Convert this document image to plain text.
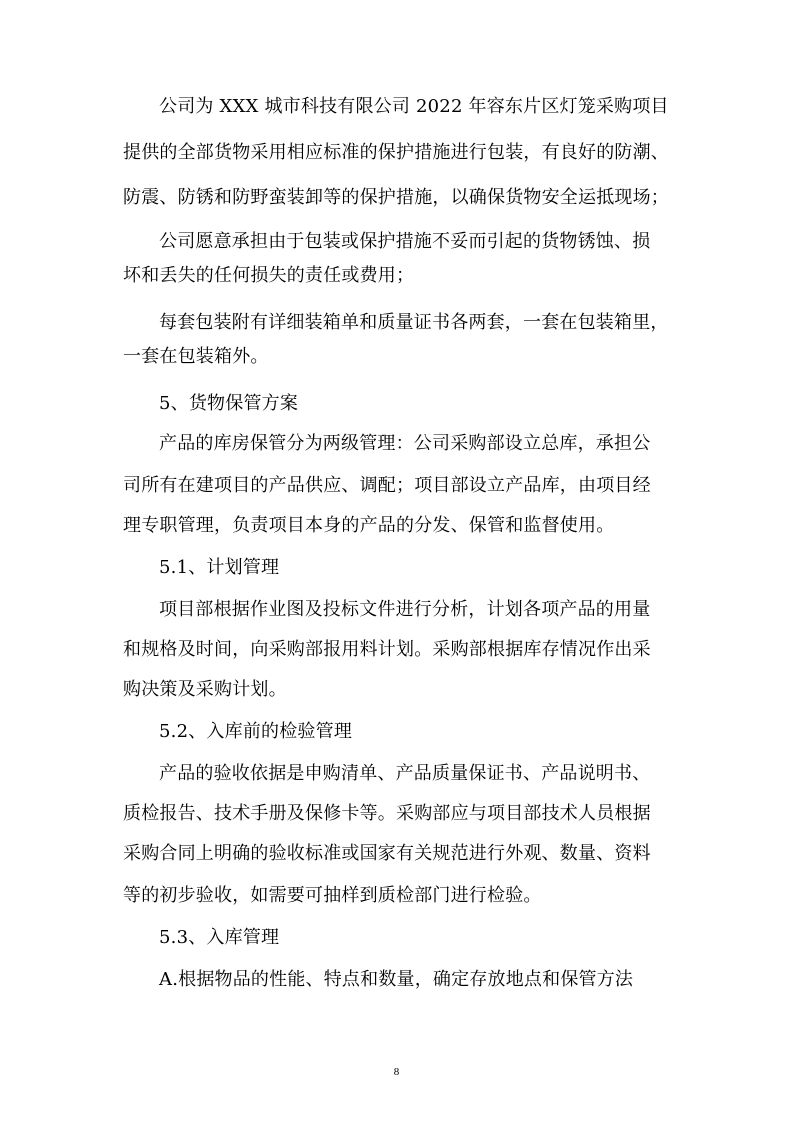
公司为 XXX 城市科技有限公司 2022 年容东片区灯笼采购项目
提供的全部货物采用相应标准的保护措施进行包装，有良好的防潮、
防震、防锈和防野蛮装卸等的保护措施，以确保货物安全运抵现场；
公司愿意承担由于包装或保护措施不妥而引起的货物锈蚀、损
坏和丢失的任何损失的责任或费用；
每套包装附有详细装箱单和质量证书各两套，一套在包装箱里，
一套在包装箱外。
5、货物保管方案
产品的库房保管分为两级管理：公司采购部设立总库，承担公
司所有在建项目的产品供应、调配；项目部设立产品库，由项目经
理专职管理，负责项目本身的产品的分发、保管和监督使用。
5.1、计划管理
项目部根据作业图及投标文件进行分析，计划各项产品的用量
和规格及时间，向采购部报用料计划。采购部根据库存情况作出采
购决策及采购计划。
5.2、入库前的检验管理
产品的验收依据是申购清单、产品质量保证书、产品说明书、
质检报告、技术手册及保修卡等。采购部应与项目部技术人员根据
采购合同上明确的验收标准或国家有关规范进行外观、数量、资料
等的初步验收，如需要可抽样到质检部门进行检验。
5.3、入库管理
A.根据物品的性能、特点和数量，确定存放地点和保管方法
8
